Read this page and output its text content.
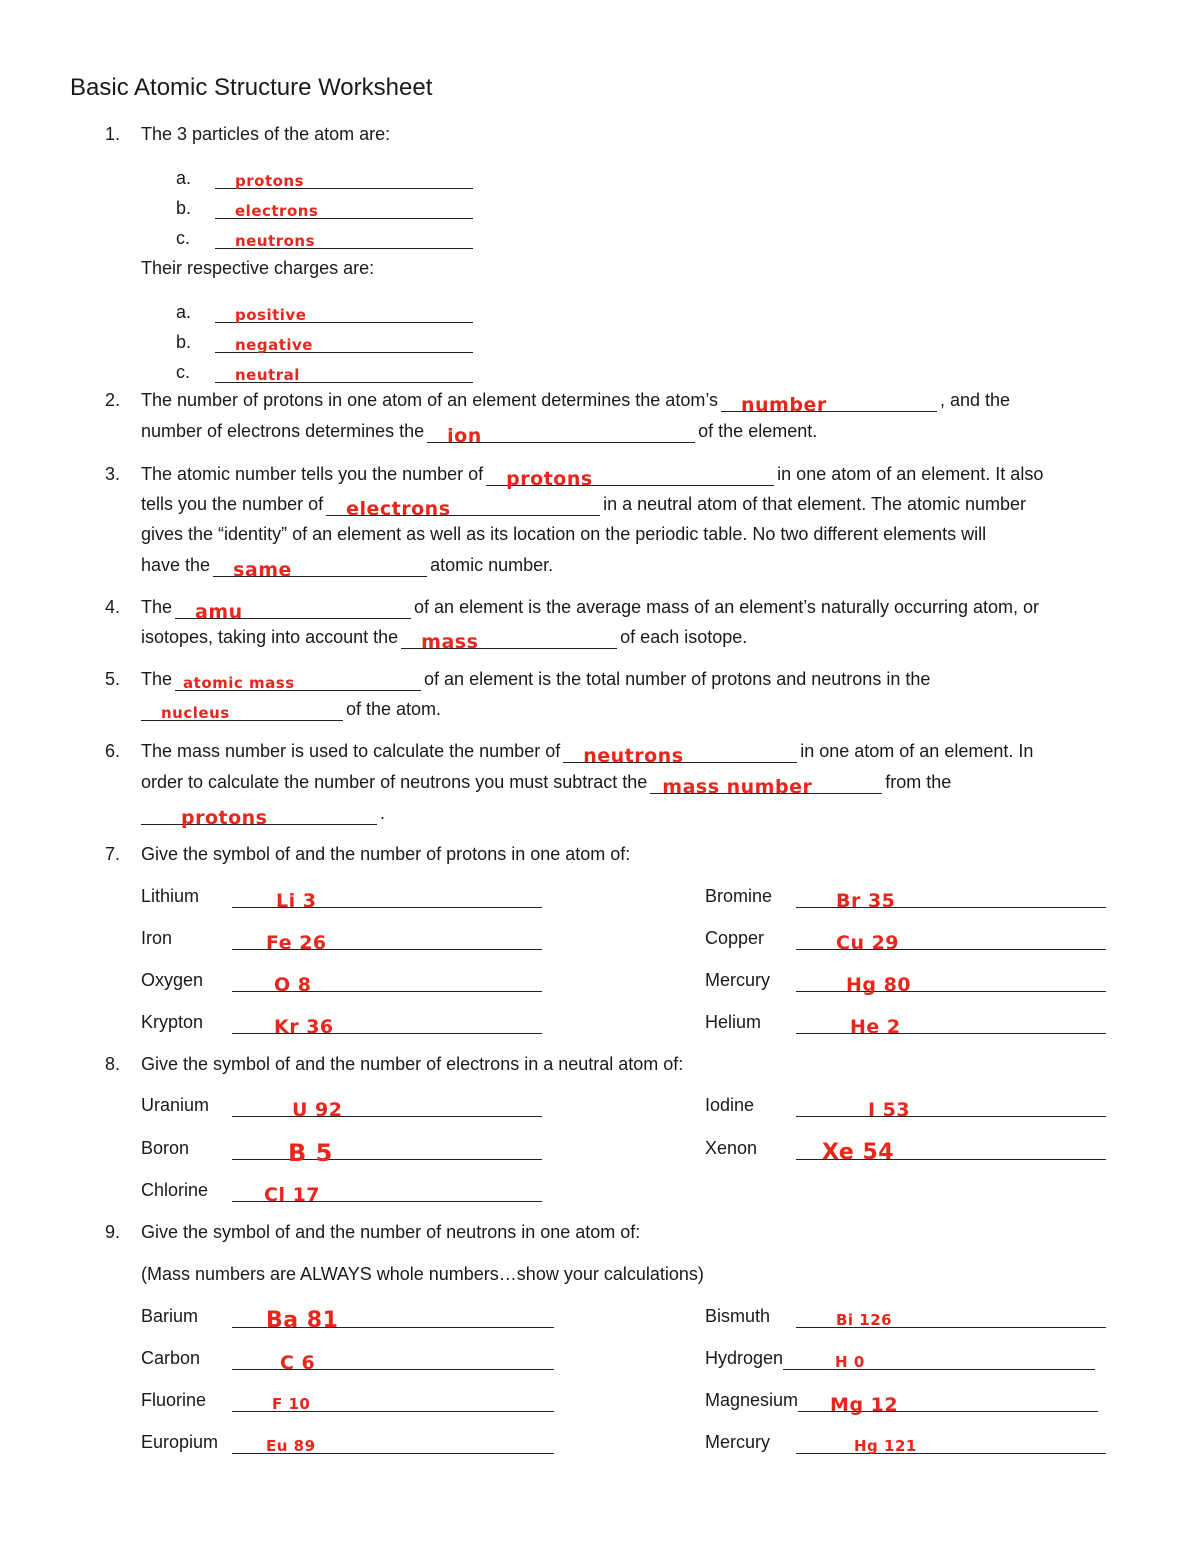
Basic Atomic Structure Worksheet
1. The 3 particles of the atom are:
a.	protons
b.	electrons
c.	neutrons
Their respective charges are:
a.	positive
b.	negative
c.	neutral
2. The number of protons in one atom of an element determines the atom’s number	, and the
number of electrons determines the ion	of the element.
3. The atomic number tells you the number of protons	in one atom of an element. It also
tells you the number of electrons	in a neutral atom of that element. The atomic number
gives the “identity” of an element as well as its location on the periodic table. No two different elements will
have the same	atomic number.
4. The amu	of an element is the average mass of an element’s naturally occurring atom, or
isotopes, taking into account the mass	of each isotope.
5. The atomic mass	of an element is the total number of protons and neutrons in the
nucleus	of the atom.
6. The mass number is used to calculate the number of neutrons	in one atom of an element. In
order to calculate the number of neutrons you must subtract the mass number	from the
protons	.
7. Give the symbol of and the number of protons in one atom of:
Lithium	Li 3
Iron	Fe 26
Oxygen	O 8
Krypton	Kr 36
Bromine	Br 35
Copper	Cu 29
Mercury	Hg 80
Helium	He 2
8. Give the symbol of and the number of electrons in a neutral atom of:
Uranium	U 92
Boron	B 5
Chlorine	Cl 17
Iodine	I 53
Xenon	Xe 54
9. Give the symbol of and the number of neutrons in one atom of:
(Mass numbers are ALWAYS whole numbers…show your calculations)
Barium	Ba 81
Carbon	C 6
Fluorine	F 10
Europium	Eu 89
Bismuth	Bi 126
Hydrogen	H 0
Magnesium Mg 12
Mercury	Hg 121
